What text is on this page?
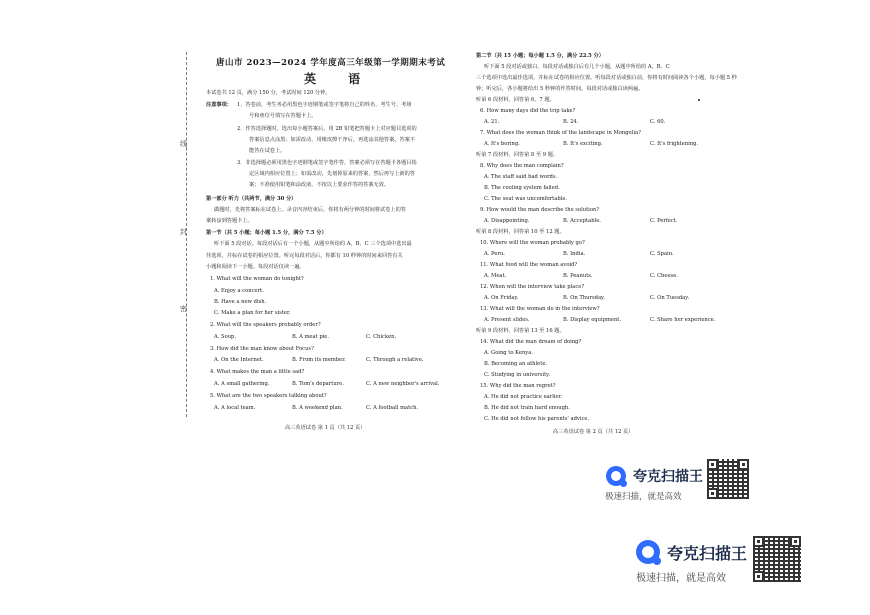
线
封
密
唐山市 2023—2024 学年度高三年级第一学期期末考试
英 语
本试卷共 12 页，满分 150 分，考试时间 120 分钟。
注意事项： 1．答卷前，考生务必用黑色字迹钢笔或签字笔将自己的姓名、考生号、考场
号和座位号填写在答题卡上。
2．作答选择题时，选出每小题答案后，用 2B 铅笔把答题卡上对应题目选项的
答案信息点涂黑；如需改动，用橡皮擦干净后，再选涂其他答案。答案不
能答在试卷上。
3．非选择题必须用黑色字迹钢笔或签字笔作答，答案必须写在答题卡各题目指
定区域内相应位置上；如需改动，先划掉原来的答案，然后再写上新的答
案；不准使用铅笔和涂改液。不按以上要求作答的答案无效。
第一部分 听力（共两节，满分 30 分）
做题时，先将答案标在试卷上。录音内容结束后，你将有两分钟的时间将试卷上的答
案转涂到答题卡上。
第一节（共 5 小题；每小题 1.5 分，满分 7.5 分）
听下面 5 段对话。每段对话后有一个小题，从题中所给的 A、B、C 三个选项中选出最
佳选项，并标在试卷的相应位置。听完每段对话后，你都有 10 秒钟的时间来回答有关
小题和阅读下一小题。每段对话仅读一遍。
1. What will the woman do tonight?
A. Enjoy a concert.
B. Have a new dish.
C. Make a plan for her sister.
2. What will the speakers probably order?
A. Soup.	B. A meat pie.	C. Chicken.
3. How did the man know about Focus?
A. On the Internet.	B. From its member.	C. Through a relative.
4. What makes the man a little sad?
A. A small gathering.	B. Tom's departure.	C. A new neighbor's arrival.
5. What are the two speakers talking about?
A. A local team.	B. A weekend plan.	C. A football match.
高三英语试卷 第 1 页（共 12 页）
第二节（共 15 小题；每小题 1.5 分，满分 22.5 分）
听下面 5 段对话或独白。每段对话或独白后有几个小题，从题中所给的 A、B、C
三个选项中选出最佳选项，并标在试卷的相应位置。听每段对话或独白前，你将有时间阅读各个小题，每小题 5 秒
钟；听完后，各小题将给出 5 秒钟的作答时间。每段对话或独白读两遍。
听第 6 段材料，回答第 6、7 题。
6. How many days did the trip take?
A. 21.	B. 24.	C. 60.
7. What does the woman think of the landscape in Mongolia?
A. It's boring.	B. It's exciting.	C. It's frightening.
听第 7 段材料，回答第 8 至 9 题。
8. Why does the man complain?
A. The staff said bad words.
B. The cooling system failed.
C. The seat was uncomfortable.
9. How would the man describe the solution?
A. Disappointing.	B. Acceptable.	C. Perfect.
听第 8 段材料，回答第 10 至 12 题。
10. Where will the woman probably go?
A. Peru.	B. India.	C. Spain.
11. What food will the woman avoid?
A. Meat.	B. Peanuts.	C. Cheese.
12. When will the interview take place?
A. On Friday.	B. On Thursday.	C. On Tuesday.
13. What will the woman do in the interview?
A. Present slides.	B. Display equipment.	C. Share her experience.
听第 9 段材料，回答第 13 至 16 题。
14. What did the man dream of doing?
A. Going to Kenya.
B. Becoming an athlete.
C. Studying in university.
15. Why did the man regret?
A. He did not practice earlier.
B. He did not train hard enough.
C. He did not follow his parents' advice.
高三英语试卷 第 2 页（共 12 页）
夸克扫描王
极速扫描，就是高效
夸克扫描王
极速扫描，就是高效
